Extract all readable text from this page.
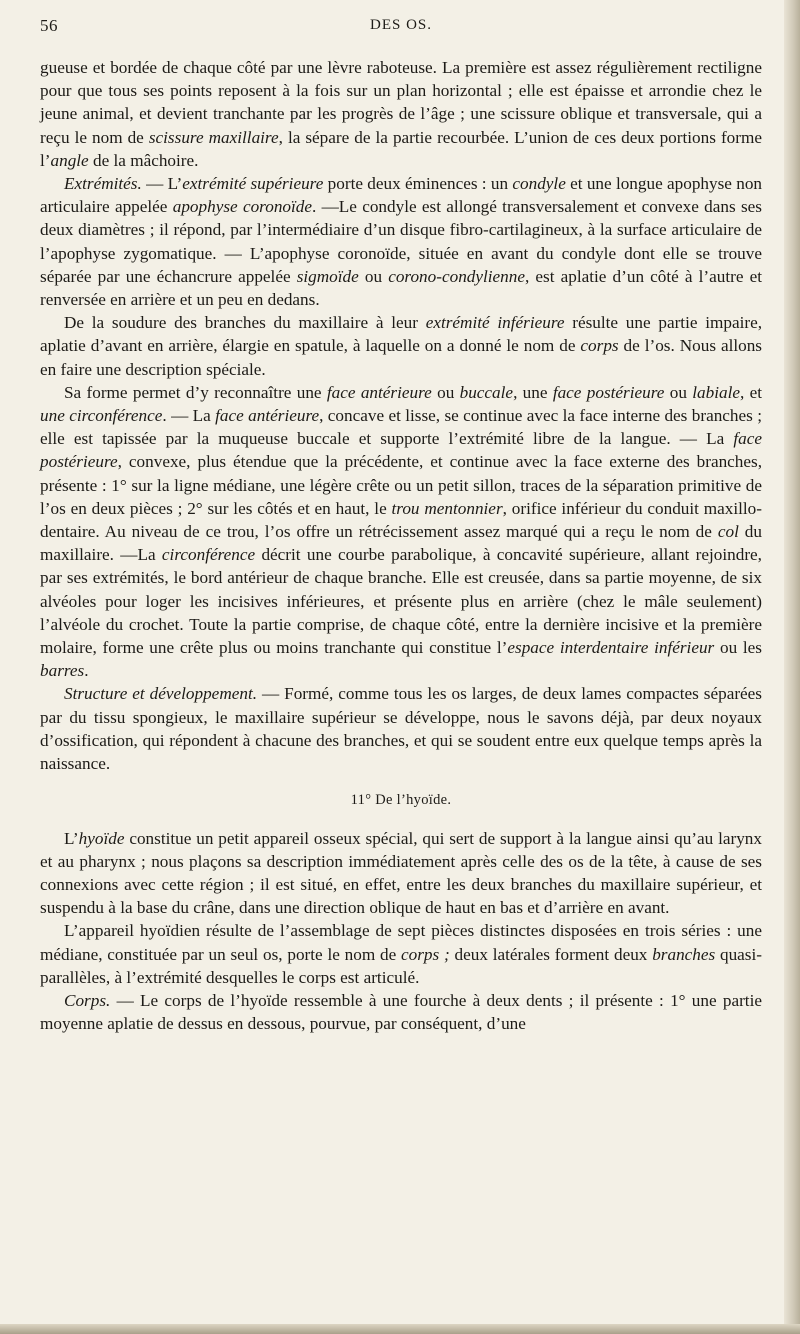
56	DES OS.

gueuse et bordée de chaque côté par une lèvre raboteuse. La première est assez régulièrement rectiligne pour que tous ses points reposent à la fois sur un plan horizontal ; elle est épaisse et arrondie chez le jeune animal, et devient tranchante par les progrès de l’âge ; une scissure oblique et transversale, qui a reçu le nom de scissure maxillaire, la sépare de la partie recourbée. L’union de ces deux portions forme l’angle de la mâchoire.

Extrémités. — L’extrémité supérieure porte deux éminences : un condyle et une longue apophyse non articulaire appelée apophyse coronoïde. —Le condyle est allongé transversalement et convexe dans ses deux diamètres ; il répond, par l’intermédiaire d’un disque fibro-cartilagineux, à la surface articulaire de l’apophyse zygomatique. — L’apophyse coronoïde, située en avant du condyle dont elle se trouve séparée par une échancrure appelée sigmoïde ou corono-condylienne, est aplatie d’un côté à l’autre et renversée en arrière et un peu en dedans.

De la soudure des branches du maxillaire à leur extrémité inférieure résulte une partie impaire, aplatie d’avant en arrière, élargie en spatule, à laquelle on a donné le nom de corps de l’os. Nous allons en faire une description spéciale.

Sa forme permet d’y reconnaître une face antérieure ou buccale, une face postérieure ou labiale, et une circonférence. — La face antérieure, concave et lisse, se continue avec la face interne des branches ; elle est tapissée par la muqueuse buccale et supporte l’extrémité libre de la langue. — La face postérieure, convexe, plus étendue que la précédente, et continue avec la face externe des branches, présente : 1° sur la ligne médiane, une légère crête ou un petit sillon, traces de la séparation primitive de l’os en deux pièces ; 2° sur les côtés et en haut, le trou mentonnier, orifice inférieur du conduit maxillo-dentaire. Au niveau de ce trou, l’os offre un rétrécissement assez marqué qui a reçu le nom de col du maxillaire. —La circonférence décrit une courbe parabolique, à concavité supérieure, allant rejoindre, par ses extrémités, le bord antérieur de chaque branche. Elle est creusée, dans sa partie moyenne, de six alvéoles pour loger les incisives inférieures, et présente plus en arrière (chez le mâle seulement) l’alvéole du crochet. Toute la partie comprise, de chaque côté, entre la dernière incisive et la première molaire, forme une crête plus ou moins tranchante qui constitue l’espace interdentaire inférieur ou les barres.

Structure et développement. — Formé, comme tous les os larges, de deux lames compactes séparées par du tissu spongieux, le maxillaire supérieur se développe, nous le savons déjà, par deux noyaux d’ossification, qui répondent à chacune des branches, et qui se soudent entre eux quelque temps après la naissance.

11° De l’hyoïde.

L’hyoïde constitue un petit appareil osseux spécial, qui sert de support à la langue ainsi qu’au larynx et au pharynx ; nous plaçons sa description immédiatement après celle des os de la tête, à cause de ses connexions avec cette région ; il est situé, en effet, entre les deux branches du maxillaire supérieur, et suspendu à la base du crâne, dans une direction oblique de haut en bas et d’arrière en avant.

L’appareil hyoïdien résulte de l’assemblage de sept pièces distinctes disposées en trois séries : une médiane, constituée par un seul os, porte le nom de corps ; deux latérales forment deux branches quasi-parallèles, à l’extrémité desquelles le corps est articulé.

Corps. — Le corps de l’hyoïde ressemble à une fourche à deux dents ; il présente : 1° une partie moyenne aplatie de dessus en dessous, pourvue, par conséquent, d’une
